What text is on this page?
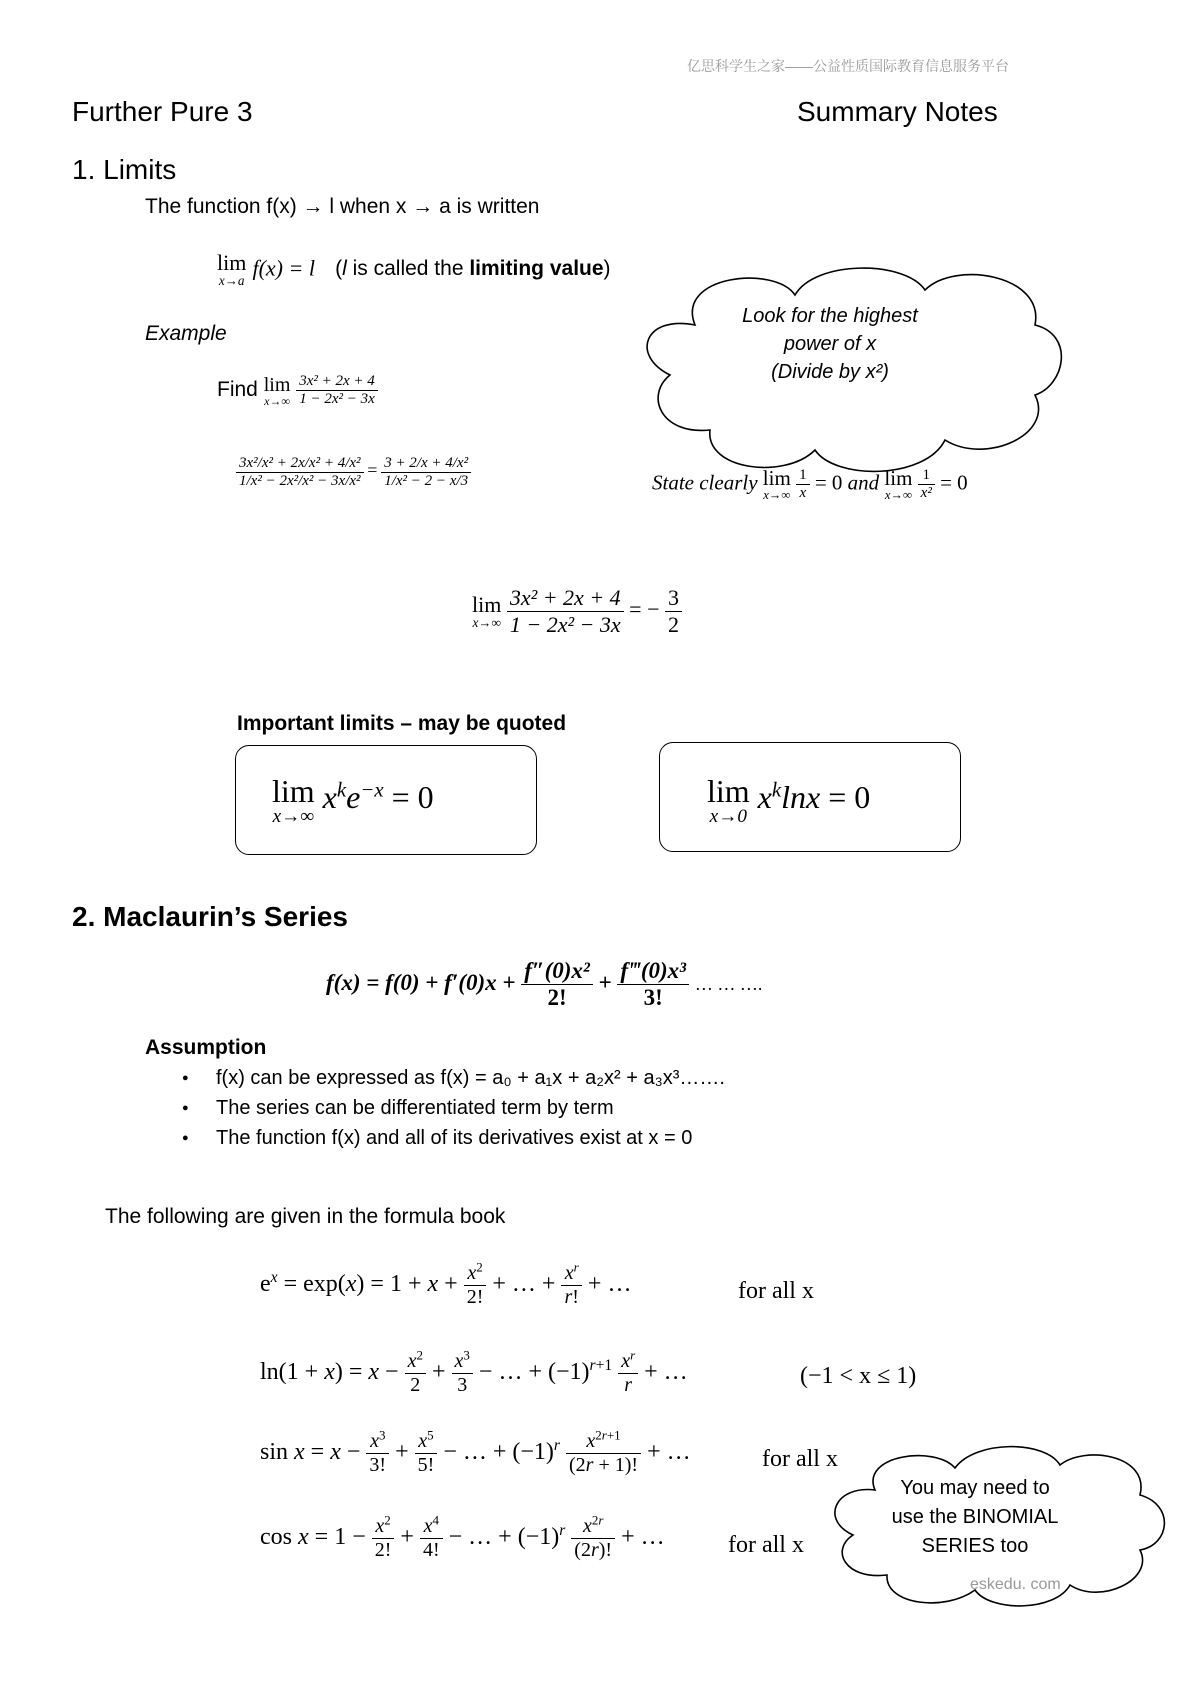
亿思科学生之家——公益性质国际教育信息服务平台
Further Pure 3	Summary Notes
1. Limits
The function f(x) → l when x → a is written
lim
x→a
f(x) = l (l is called the limiting value)
Example
Look for the highest
power of x
(Divide by x²)
Find lim
x→∞
$\frac{\text{3x² + 2x + 4}}{\text{1 − 2x² − 3x}}$
$\frac{\text{3x²/x² + 2x/x² + 4/x²}}{\text{1/x² − 2x²/x² − 3x/x²}} = \frac{\text{3 + 2/x + 4/x²}}{\text{1/x² − 2 − x/3}}$	State clearly lim
x→∞
$\frac{1}{x} = 0$ and lim
x→∞
$\frac{1}{\text{x²}} = 0$
lim
x→∞
$\frac{\text{3x² + 2x + 4}}{\text{1 − 2x² − 3x}}$ = − $\frac{3}{2}$
Important limits – may be quoted
lim
x→∞
$x^ke^{-x} = 0$	lim
x→0
$x^k\ln x = 0$
2. Maclaurin’s Series
$f(x) = f(0) + f'(0)x + \frac{\text{f″(0)x²}}{2!} + \frac{\text{f‴(0)x³}}{3!}$ … … ….
Assumption
● f(x) can be expressed as f(x) = a₀ + a₁x + a₂x² + a₃x³…….
● The series can be differentiated term by term
● The function f(x) and all of its derivatives exist at x = 0
The following are given in the formula book
$e^x = \exp(x) = 1 + x + \frac{x^2}{2!}$ + … + $\frac{x^r}{r!}$ + …	for all x
$\ln(1 + x) = x - \frac{x^2}{2} + \frac{x^3}{3}$ − … + $(-1)^{r+1} \frac{x^r}{r}$ + …	(−1 < x ≤ 1)
$\sin x = x - \frac{x^3}{3!} + \frac{x^5}{5!}$ − … + $(-1)^r \frac{x^{2r+1}}{(2r + 1)!}$ + …	for all x
$\cos x = 1 - \frac{x^2}{2!} + \frac{x^4}{4!}$ − … + $(-1)^r \frac{x^{2r}}{(2r)!}$ + …	for all x
You may need to
use the BINOMIAL
SERIES too
eskedu. com
